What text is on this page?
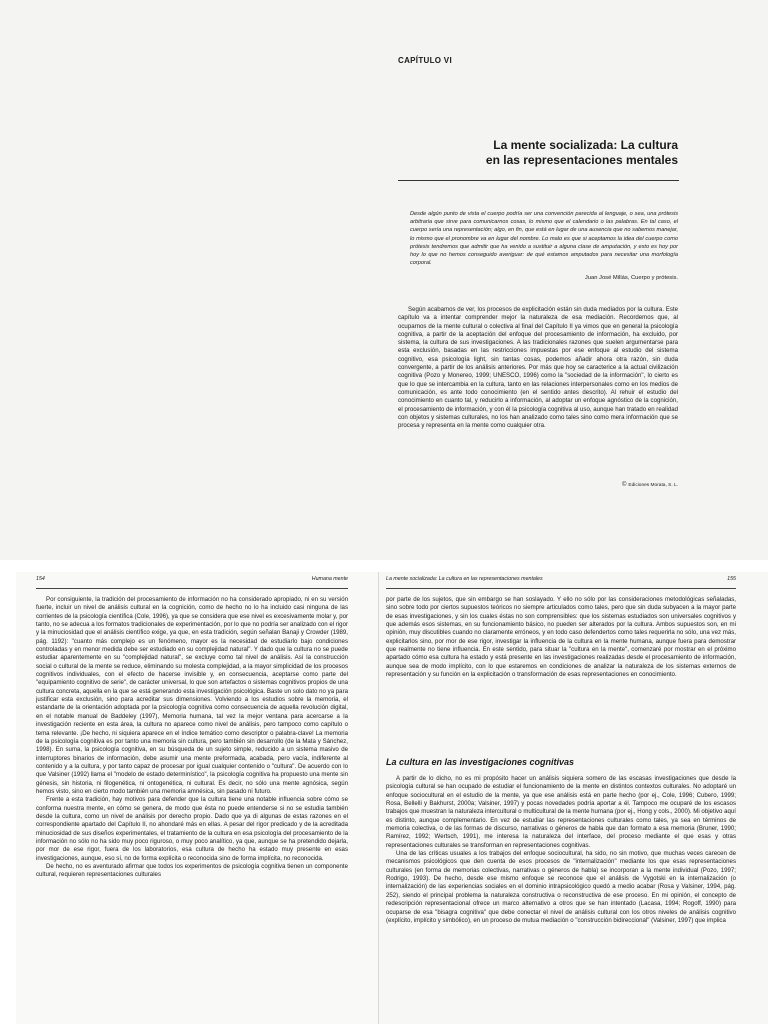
CAPÍTULO VI
La mente socializada: La cultura
en las representaciones mentales
Desde algún punto de vista el cuerpo podría ser una convención parecida al lenguaje, o sea, una prótesis arbitraria que sirve para comunicarnos cosas, lo mismo que el calendario o las palabras. En tal caso, el cuerpo sería una representación; algo, en fin, que está en lugar de una ausencia que no sabemos manejar, lo mismo que el pronombre va en lugar del nombre. Lo malo es que si aceptamos la idea del cuerpo como prótesis tendremos que admitir que ha venido a sustituir a alguna clase de amputación, y esto es hoy por hoy lo que no hemos conseguido averiguar: de qué estamos amputados para necesitar una morfología corporal.
Juan José Millás, Cuerpo y prótesis.
Según acabamos de ver, los procesos de explicitación están sin duda mediados por la cultura. Este capítulo va a intentar comprender mejor la naturaleza de esa mediación. Recordemos que, al ocuparnos de la mente cultural o colectiva al final del Capítulo II ya vimos que en general la psicología cognitiva, a partir de la aceptación del enfoque del procesamiento de información, ha excluido, por sistema, la cultura de sus investigaciones. A las tradicionales razones que suelen argumentarse para esta exclusión, basadas en las restricciones impuestas por ese enfoque al estudio del sistema cognitivo, esa psicología light, sin tantas cosas, podemos añadir ahora otra razón, sin duda convergente, a partir de los análisis anteriores. Por más que hoy se caracterice a la actual civilización cognitiva (Pozo y Monereo, 1999; UNESCO, 1996) como la "sociedad de la información", lo cierto es que lo que se intercambia en la cultura, tanto en las relaciones interpersonales como en los medios de comunicación, es ante todo conocimiento (en el sentido antes descrito). Al rehuir el estudio del conocimiento en cuanto tal, y reducirlo a información, al adoptar un enfoque agnóstico de la cognición, el procesamiento de información, y con él la psicología cognitiva al uso, aunque han tratado en realidad con objetos y sistemas culturales, no los han analizado como tales sino como mera información que se procesa y representa en la mente como cualquier otra.
© Ediciones Morata, S. L.
154	Humana mente

Por consiguiente, la tradición del procesamiento de información no ha considerado apropiado, ni en su versión fuerte, incluir un nivel de análisis cultural en la cognición, como de hecho no lo ha incluido casi ninguna de las corrientes de la psicología científica (Cole, 1996), ya que se considera que ese nivel es excesivamente molar y, por tanto, no se adecua a los formatos tradicionales de experimentación, por lo que no podría ser analizado con el rigor y la minuciosidad que el análisis científico exige, ya que, en esta tradición, según señalan Banaji y Crowder (1989, pág. 1192): "cuanto más complejo es un fenómeno, mayor es la necesidad de estudiarlo bajo condiciones controladas y en menor medida debe ser estudiado en su complejidad natural". Y dado que la cultura no se puede estudiar aparentemente en su "complejidad natural", se excluye como tal nivel de análisis. Así la construcción social o cultural de la mente se reduce, eliminando su molesta complejidad, a la mayor simplicidad de los procesos cognitivos individuales, con el efecto de hacerse invisible y, en consecuencia, aceptarse como parte del "equipamiento cognitivo de serie", de carácter universal, lo que son artefactos o sistemas cognitivos propios de una cultura concreta, aquella en la que se está generando esta investigación psicológica. Baste un solo dato no ya para justificar esta exclusión, sino para acreditar sus dimensiones. Volviendo a los estudios sobre la memoria, el estandarte de la orientación adoptada por la psicología cognitiva como consecuencia de aquella revolución digital, en el notable manual de Baddeley (1997), Memoria humana, tal vez la mejor ventana para acercarse a la investigación reciente en esta área, la cultura no aparece como nivel de análisis, pero tampoco como capítulo o tema relevante. ¡De hecho, ni siquiera aparece en el índice temático como descriptor o palabra-clave! La memoria de la psicología cognitiva es por tanto una memoria sin cultura, pero también sin desarrollo (de la Mata y Sánchez, 1998). En suma, la psicología cognitiva, en su búsqueda de un sujeto simple, reducido a un sistema masivo de interruptores binarios de información, debe asumir una mente preformada, acabada, pero vacía, indiferente al contenido y a la cultura, y por tanto capaz de procesar por igual cualquier contenido o "cultura". De acuerdo con lo que Valsiner (1992) llama el "modelo de estado determinístico", la psicología cognitiva ha propuesto una mente sin génesis, sin historia, ni filogenética, ni ontogenética, ni cultural. Es decir, no sólo una mente agnósica, según hemos visto, sino en cierto modo también una memoria amnésica, sin pasado ni futuro.

Frente a esta tradición, hay motivos para defender que la cultura tiene una notable influencia sobre cómo se conforma nuestra mente, en cómo se genera, de modo que ésta no puede entenderse si no se estudia también desde la cultura, como un nivel de análisis por derecho propio. Dado que ya di algunas de estas razones en el correspondiente apartado del Capítulo II, no ahondaré más en ellas. A pesar del rigor predicado y de la acreditada minuciosidad de sus diseños experimentales, el tratamiento de la cultura en esa psicología del procesamiento de la información no sólo no ha sido muy poco riguroso, o muy poco analítico, ya que, aunque se ha pretendido dejarla, por mor de ese rigor, fuera de los laboratorios, esa cultura de hecho ha estado muy presente en esas investigaciones, aunque, eso sí, no de forma explícita o reconocida sino de forma implícita, no reconocida.

De hecho, no es aventurado afirmar que todos los experimentos de psicología cognitiva tienen un componente cultural, requieren representaciones culturales

La mente socializada: La cultura en las representaciones mentales	155

por parte de los sujetos, que sin embargo se han soslayado. Y ello no sólo por las consideraciones metodológicas señaladas, sino sobre todo por ciertos supuestos teóricos no siempre articulados como tales, pero que sin duda subyacen a la mayor parte de esas investigaciones, y sin los cuales éstas no son comprensibles: que los sistemas estudiados son universales cognitivos y que además esos sistemas, en su funcionamiento básico, no pueden ser alterados por la cultura. Ambos supuestos son, en mi opinión, muy discutibles cuando no claramente erróneos, y en todo caso defendertos como tales requerirla no sólo, una vez más, explicitarlos sino, por mor de ese rigor, investigar la influencia de la cultura en la mente humana, aunque fuera para demostrar que realmente no tiene influencia. En este sentido, para situar la "cultura en la mente", comenzaré por mostrar en el próximo apartado cómo esa cultura ha estado y está presente en las investigaciones realizadas desde el procesamiento de información, aunque sea de modo implícito, con lo que estaremos en condiciones de analizar la naturaleza de los sistemas externos de representación y su función en la explicitación o transformación de esas representaciones en conocimiento.

La cultura en las investigaciones cognitivas

A partir de lo dicho, no es mi propósito hacer un análisis siquiera somero de las escasas investigaciones que desde la psicología cultural se han ocupado de estudiar el funcionamiento de la mente en distintos contextos culturales. No adoptaré un enfoque sociocultural en el estudio de la mente, ya que ese análisis está en parte hecho (por ej., Cole, 1996; Cubero, 1999; Rosa, Bellelli y Bakhurst, 2000a; Valsiner, 1997) y pocas novedades podría aportar a él. Tampoco me ocuparé de los escasos trabajos que muestran la naturaleza intercultural o multicultural de la mente humana (por ej., Hong y cols., 2000). Mi objetivo aquí es distinto, aunque complementario. En vez de estudiar las representaciones culturales como tales, ya sea en términos de memoria colectiva, o de las formas de discurso, narrativas o géneros de habla que dan formato a esa memoria (Bruner, 1990; Ramírez, 1992; Wertsch, 1991), me interesa la naturaleza del interface, del proceso mediante el que esas y otras representaciones culturales se transforman en representaciones cognitivas.

Una de las críticas usuales a los trabajos del enfoque sociocultural, ha sido, no sin motivo, que muchas veces carecen de mecanismos psicológicos que den cuenta de esos procesos de "internalización" mediante los que esas representaciones culturales (en forma de memorias colectivas, narrativas o géneros de habla) se incorporan a la mente individual (Pozo, 1997; Rodrigo, 1993). De hecho, desde ese mismo enfoque se reconoce que el análisis de Vygotski en la internalización (o internalización) de las experiencias sociales en el dominio intrapsicológico quedó a medio acabar (Rosa y Valsiner, 1994, pág. 252), siendo el principal problema la naturaleza constructiva o reconstructiva de ese proceso. En mi opinión, el concepto de redescripción representacional ofrece un marco alternativo a otros que se han intentado (Lacasa, 1994; Rogoff, 1990) para ocuparse de esa "bisagra cognitiva" que debe conectar el nivel de análisis cultural con los otros niveles de análisis cognitivo (explícito, implícito y simbólico), en un proceso de mutua mediación o "construcción bidireccional" (Valsiner, 1997) que implica
